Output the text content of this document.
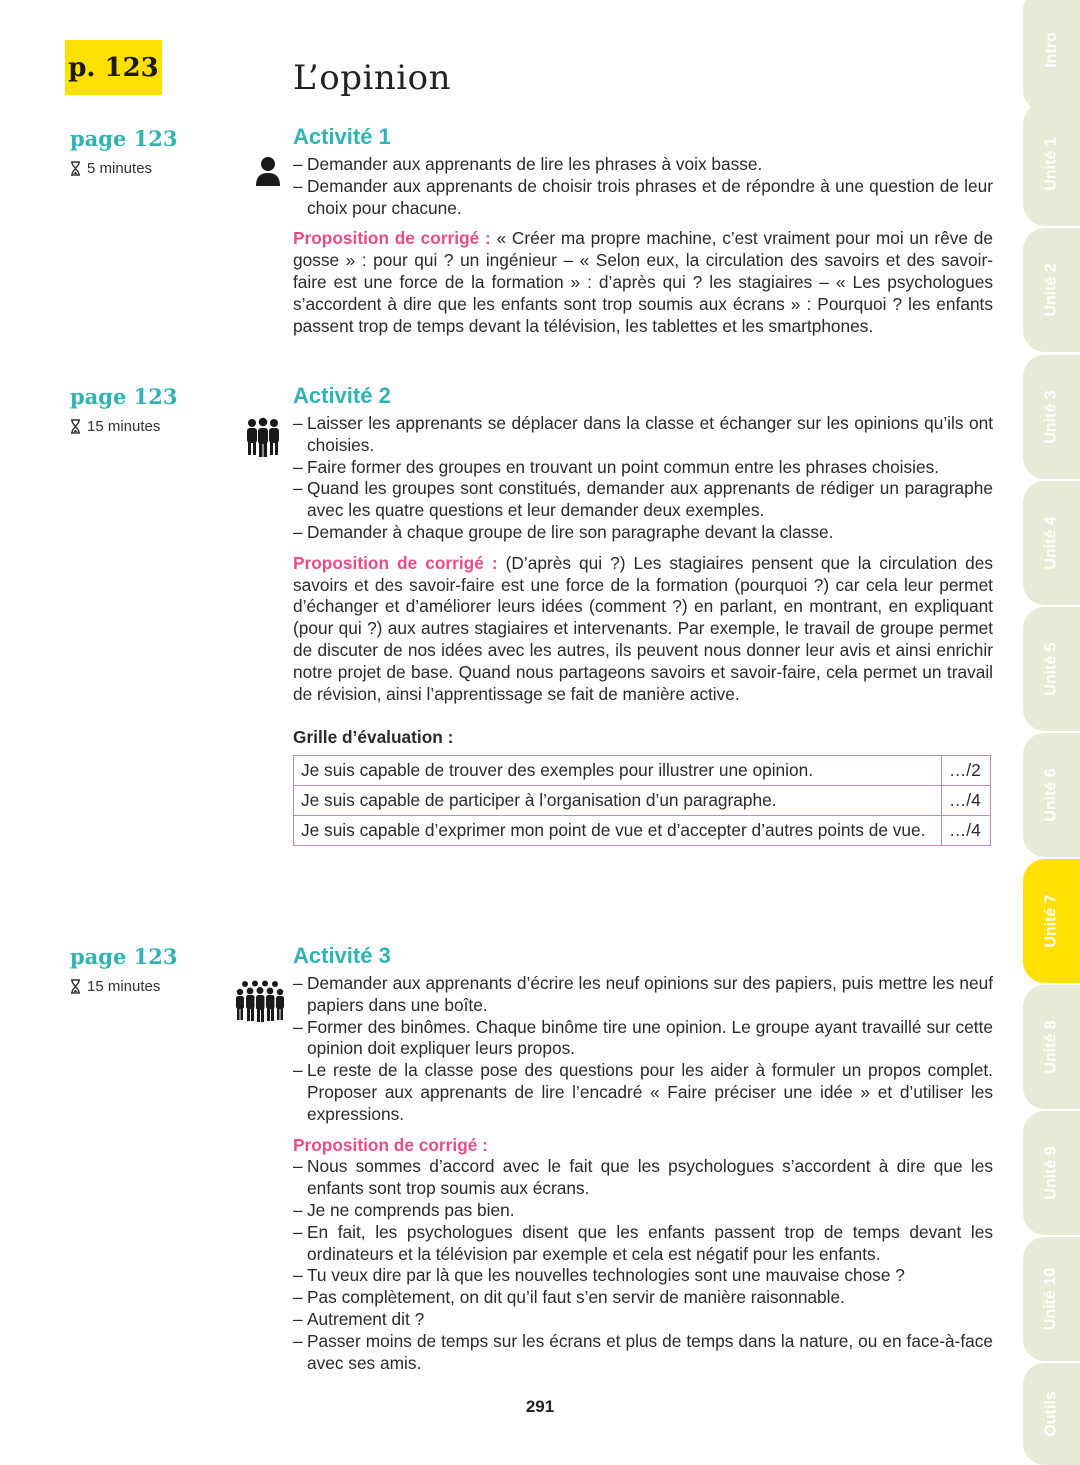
p. 123	L’opinion
page 123
5 minutes
Activité 1
– Demander aux apprenants de lire les phrases à voix basse.
– Demander aux apprenants de choisir trois phrases et de répondre à une question de leur choix pour chacune.
Proposition de corrigé : « Créer ma propre machine, c’est vraiment pour moi un rêve de gosse » : pour qui ? un ingénieur – « Selon eux, la circulation des savoirs et des savoir-faire est une force de la formation » : d’après qui ? les stagiaires – « Les psychologues s’accordent à dire que les enfants sont trop soumis aux écrans » : Pourquoi ? les enfants passent trop de temps devant la télévision, les tablettes et les smartphones.
page 123
15 minutes
Activité 2
– Laisser les apprenants se déplacer dans la classe et échanger sur les opinions qu’ils ont choisies.
– Faire former des groupes en trouvant un point commun entre les phrases choisies.
– Quand les groupes sont constitués, demander aux apprenants de rédiger un paragraphe avec les quatre questions et leur demander deux exemples.
– Demander à chaque groupe de lire son paragraphe devant la classe.
Proposition de corrigé : (D’après qui ?) Les stagiaires pensent que la circulation des savoirs et des savoir-faire est une force de la formation (pourquoi ?) car cela leur permet d’échanger et d’améliorer leurs idées (comment ?) en parlant, en montrant, en expliquant (pour qui ?) aux autres stagiaires et intervenants. Par exemple, le travail de groupe permet de discuter de nos idées avec les autres, ils peuvent nous donner leur avis et ainsi enrichir notre projet de base. Quand nous partageons savoirs et savoir-faire, cela permet un travail de révision, ainsi l’apprentissage se fait de manière active.
Grille d’évaluation :
Je suis capable de trouver des exemples pour illustrer une opinion.	…/2
Je suis capable de participer à l’organisation d’un paragraphe.	…/4
Je suis capable d’exprimer mon point de vue et d’accepter d’autres points de vue.	…/4
page 123
15 minutes
Activité 3
– Demander aux apprenants d’écrire les neuf opinions sur des papiers, puis mettre les neuf papiers dans une boîte.
– Former des binômes. Chaque binôme tire une opinion. Le groupe ayant travaillé sur cette opinion doit expliquer leurs propos.
– Le reste de la classe pose des questions pour les aider à formuler un propos complet. Proposer aux apprenants de lire l’encadré « Faire préciser une idée » et d’utiliser les expressions.
Proposition de corrigé :
– Nous sommes d’accord avec le fait que les psychologues s’accordent à dire que les enfants sont trop soumis aux écrans.
– Je ne comprends pas bien.
– En fait, les psychologues disent que les enfants passent trop de temps devant les ordinateurs et la télévision par exemple et cela est négatif pour les enfants.
– Tu veux dire par là que les nouvelles technologies sont une mauvaise chose ?
– Pas complètement, on dit qu’il faut s’en servir de manière raisonnable.
– Autrement dit ?
– Passer moins de temps sur les écrans et plus de temps dans la nature, ou en face-à-face avec ses amis.
Intro
Unité 1
Unité 2
Unité 3
Unité 4
Unité 5
Unité 6
Unité 7
Unité 8
Unité 9
Unité 10
Outils
291
